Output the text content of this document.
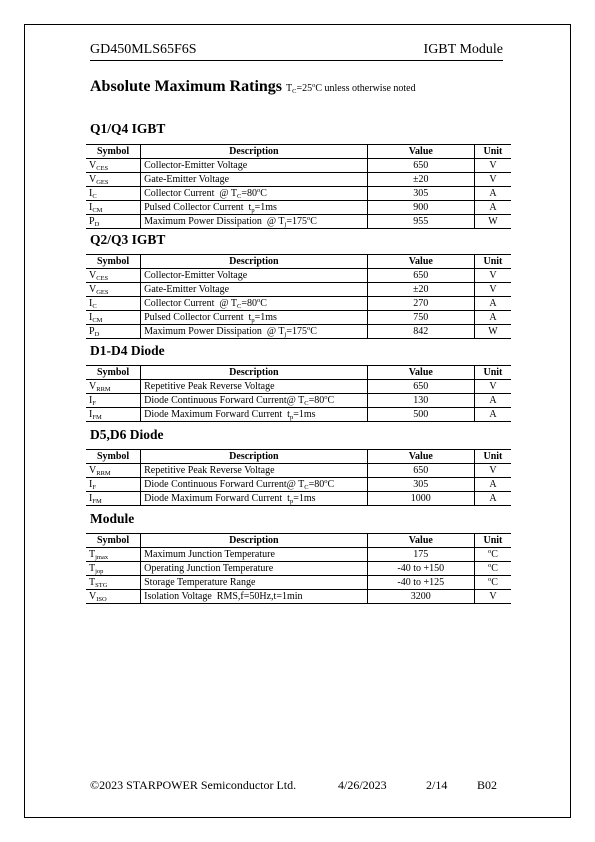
GD450MLS65F6S	IGBT Module
Absolute Maximum Ratings $T_C=25^oC$ unless otherwise noted
Q1/Q4 IGBT
Symbol	Description	Value	Unit
$V_{CES}$	Collector-Emitter Voltage	650	V
$V_{GES}$	Gate-Emitter Voltage	±20	V
$I_C$	Collector Current  @ $T_C=80^oC$	305	A
$I_{CM}$	Pulsed Collector Current  $t_p=1ms$	900	A
$P_D$	Maximum Power Dissipation  @ $T_j=175^oC$	955	W
Q2/Q3 IGBT
Symbol	Description	Value	Unit
$V_{CES}$	Collector-Emitter Voltage	650	V
$V_{GES}$	Gate-Emitter Voltage	±20	V
$I_C$	Collector Current  @ $T_C=80^oC$	270	A
$I_{CM}$	Pulsed Collector Current  $t_p=1ms$	750	A
$P_D$	Maximum Power Dissipation  @ $T_j=175^oC$	842	W
D1-D4 Diode
Symbol	Description	Value	Unit
$V_{RRM}$	Repetitive Peak Reverse Voltage	650	V
$I_F$	Diode Continuous Forward Current@ $T_C=80^oC$	130	A
$I_{FM}$	Diode Maximum Forward Current  $t_p=1ms$	500	A
D5,D6 Diode
Symbol	Description	Value	Unit
$V_{RRM}$	Repetitive Peak Reverse Voltage	650	V
$I_F$	Diode Continuous Forward Current@ $T_C=80^oC$	305	A
$I_{FM}$	Diode Maximum Forward Current  $t_p=1ms$	1000	A
Module
Symbol	Description	Value	Unit
$T_{jmax}$	Maximum Junction Temperature	175	$^o$C
$T_{jop}$	Operating Junction Temperature	-40 to +150	$^o$C
$T_{STG}$	Storage Temperature Range	-40 to +125	$^o$C
$V_{ISO}$	Isolation Voltage  RMS,f=50Hz,t=1min	3200	V
©2023 STARPOWER Semiconductor Ltd.	4/26/2023	2/14 B02
